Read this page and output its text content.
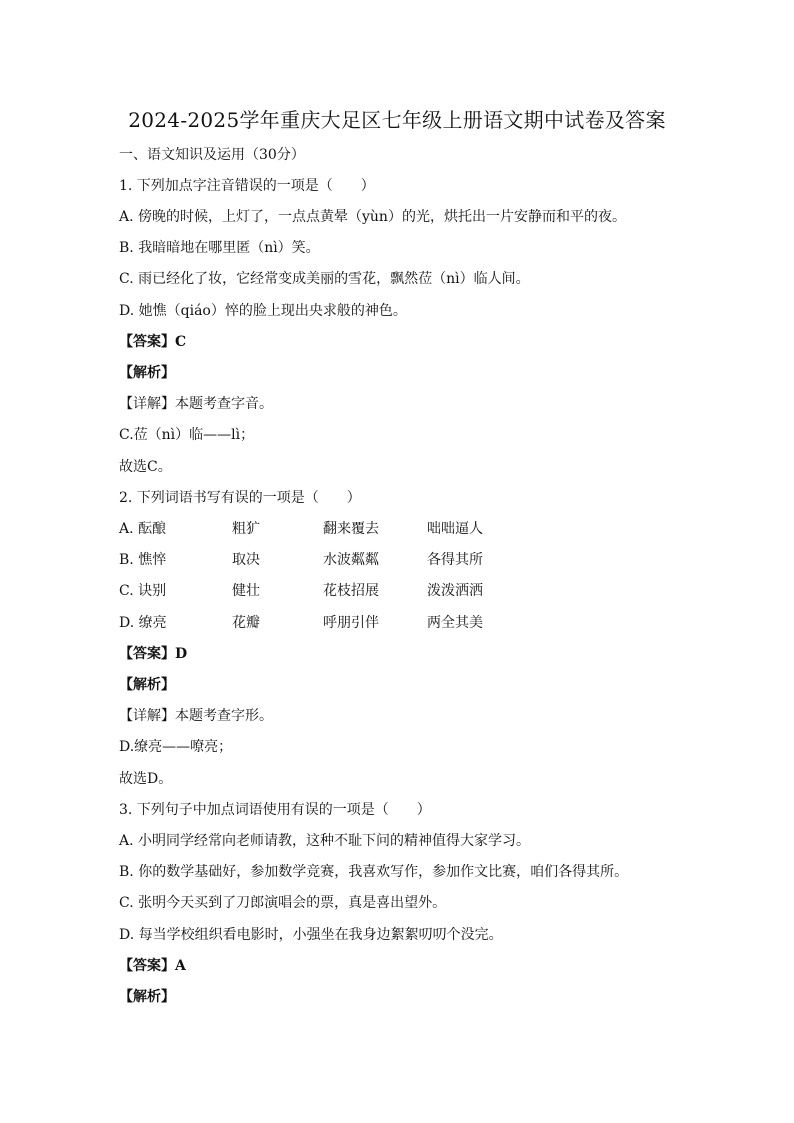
2024-2025学年重庆大足区七年级上册语文期中试卷及答案
一、语文知识及运用（30分）
1. 下列加点字注音错误的一项是（　　）
A. 傍晚的时候，上灯了，一点点黄晕（yùn）的光，烘托出一片安静而和平的夜。
B. 我暗暗地在哪里匿（nì）笑。
C. 雨已经化了妆，它经常变成美丽的雪花，飘然莅（nì）临人间。
D. 她憔（qiáo）悴的脸上现出央求般的神色。
【答案】C
【解析】
【详解】本题考查字音。
C.莅（nì）临——lì；
故选C。
2. 下列词语书写有误的一项是（　　）
A. 酝酿	粗犷	翻来覆去	咄咄逼人
B. 憔悴	取决	水波粼粼	各得其所
C. 诀别	健壮	花枝招展	泼泼洒洒
D. 缭亮	花瓣	呼朋引伴	两全其美
【答案】D
【解析】
【详解】本题考查字形。
D.缭亮——嘹亮；
故选D。
3. 下列句子中加点词语使用有误的一项是（　　）
A. 小明同学经常向老师请教，这种不耻下问的精神值得大家学习。
B. 你的数学基础好，参加数学竞赛，我喜欢写作，参加作文比赛，咱们各得其所。
C. 张明今天买到了刀郎演唱会的票，真是喜出望外。
D. 每当学校组织看电影时，小强坐在我身边絮絮叨叨个没完。
【答案】A
【解析】
